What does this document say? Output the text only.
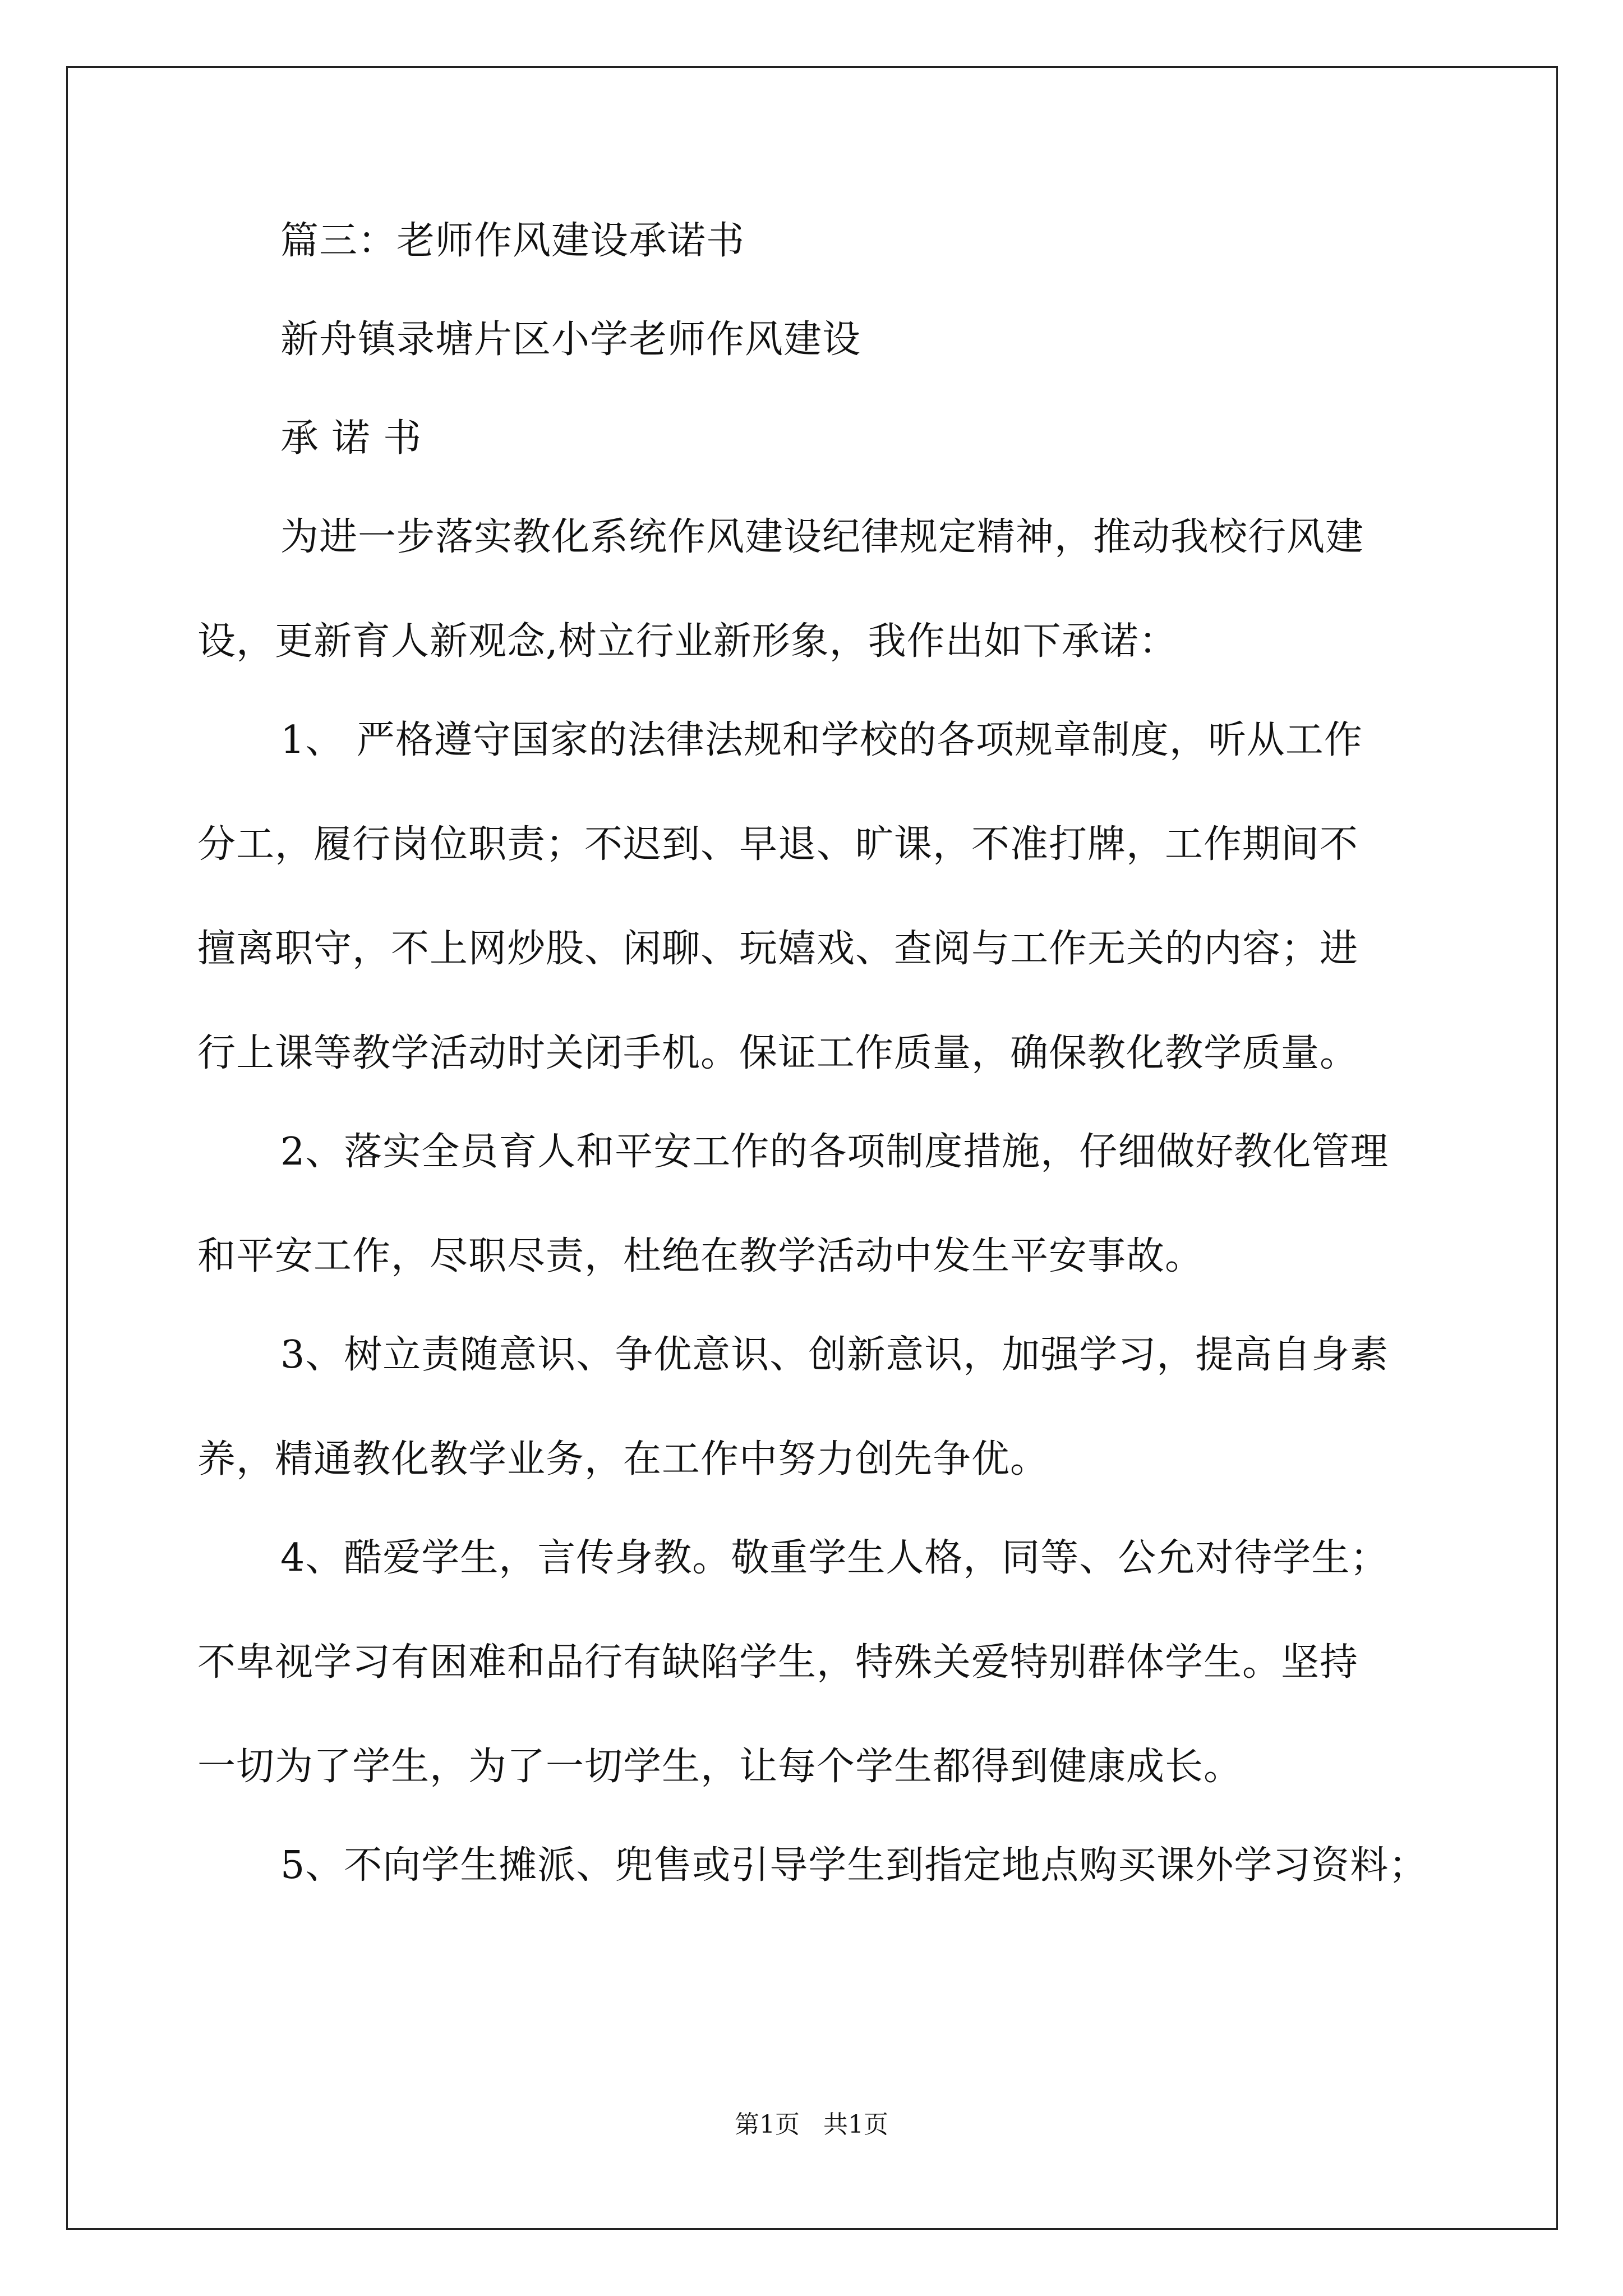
篇三：老师作风建设承诺书

新舟镇录塘片区小学老师作风建设

承 诺 书

为进一步落实教化系统作风建设纪律规定精神，推动我校行风建

设，更新育人新观念,树立行业新形象，我作出如下承诺：

1、 严格遵守国家的法律法规和学校的各项规章制度，听从工作

分工，履行岗位职责；不迟到、早退、旷课，不准打牌，工作期间不

擅离职守，不上网炒股、闲聊、玩嬉戏、查阅与工作无关的内容；进

行上课等教学活动时关闭手机。保证工作质量，确保教化教学质量。

2、落实全员育人和平安工作的各项制度措施，仔细做好教化管理

和平安工作，尽职尽责，杜绝在教学活动中发生平安事故。

3、树立责随意识、争优意识、创新意识，加强学习，提高自身素

养，精通教化教学业务，在工作中努力创先争优。

4、酷爱学生，言传身教。敬重学生人格，同等、公允对待学生；

不卑视学习有困难和品行有缺陷学生，特殊关爱特别群体学生。坚持

一切为了学生，为了一切学生，让每个学生都得到健康成长。

5、不向学生摊派、兜售或引导学生到指定地点购买课外学习资料；

第1页   共1页
